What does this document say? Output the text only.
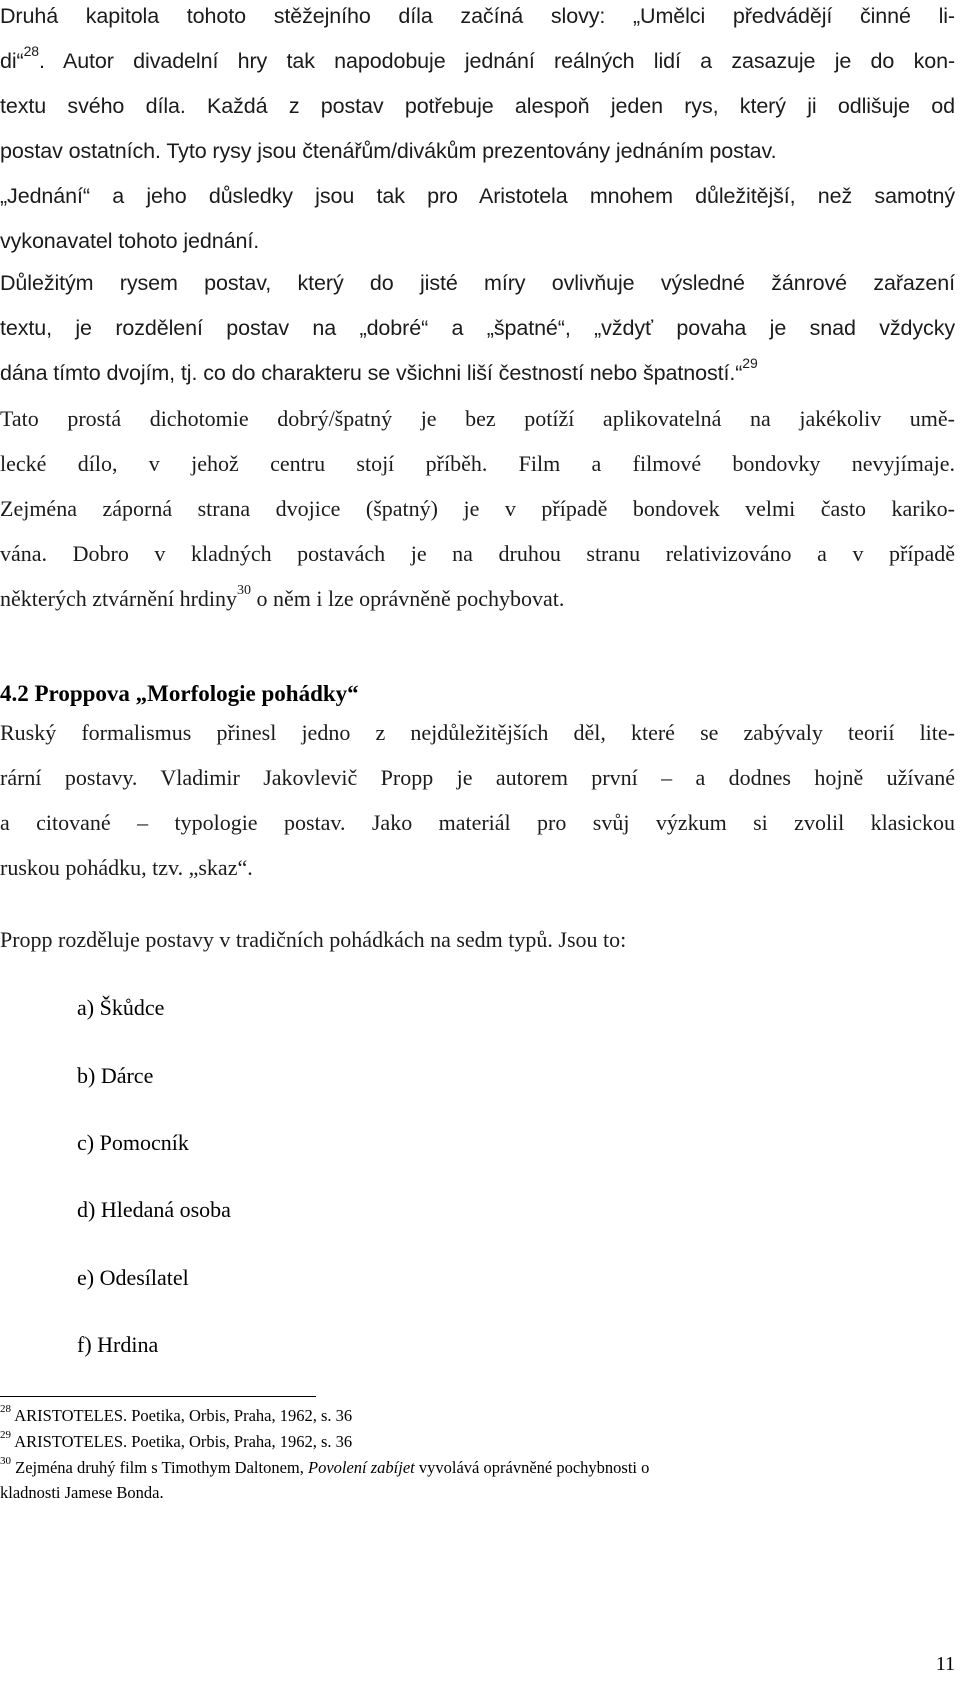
Druhá kapitola tohoto stěžejního díla začíná slovy: „Umělci předvádějí činné li-
di“$^{28}$. Autor divadelní hry tak napodobuje jednání reálných lidí a zasazuje je do kon-
textu svého díla. Každá z postav potřebuje alespoň jeden rys, který ji odlišuje od
postav ostatních. Tyto rysy jsou čtenářům/divákům prezentovány jednáním postav.
„Jednání“ a jeho důsledky jsou tak pro Aristotela mnohem důležitější, než samotný
vykonavatel tohoto jednání.
Důležitým rysem postav, který do jisté míry ovlivňuje výsledné žánrové zařazení
textu, je rozdělení postav na „dobré“ a „špatné“, „vždyť povaha je snad vždycky
dána tímto dvojím, tj. co do charakteru se všichni liší čestností nebo špatností.“$^{29}$
Tato prostá dichotomie dobrý/špatný je bez potíží aplikovatelná na jakékoliv umě-
lecké dílo, v jehož centru stojí příběh. Film a filmové bondovky nevyjímaje.
Zejména záporná strana dvojice (špatný) je v případě bondovek velmi často kariko-
vána. Dobro v kladných postavách je na druhou stranu relativizováno a v případě
některých ztvárnění hrdiny$^{30}$ o něm i lze oprávněně pochybovat.
4.2 Proppova „Morfologie pohádky“
Ruský formalismus přinesl jedno z nejdůležitějších děl, které se zabývaly teorií lite-
rární postavy. Vladimir Jakovlevič Propp je autorem první – a dodnes hojně užívané
a citované – typologie postav. Jako materiál pro svůj výzkum si zvolil klasickou
ruskou pohádku, tzv. „skaz“.
Propp rozděluje postavy v tradičních pohádkách na sedm typů. Jsou to:
a) Škůdce
b) Dárce
c) Pomocník
d) Hledaná osoba
e) Odesílatel
f) Hrdina
$^{28}$ ARISTOTELES. Poetika, Orbis, Praha, 1962, s. 36
$^{29}$ ARISTOTELES. Poetika, Orbis, Praha, 1962, s. 36
$^{30}$ Zejména druhý film s Timothym Daltonem, Povolení zabíjet vyvolává oprávněné pochybnosti o
kladnosti Jamese Bonda.
11
